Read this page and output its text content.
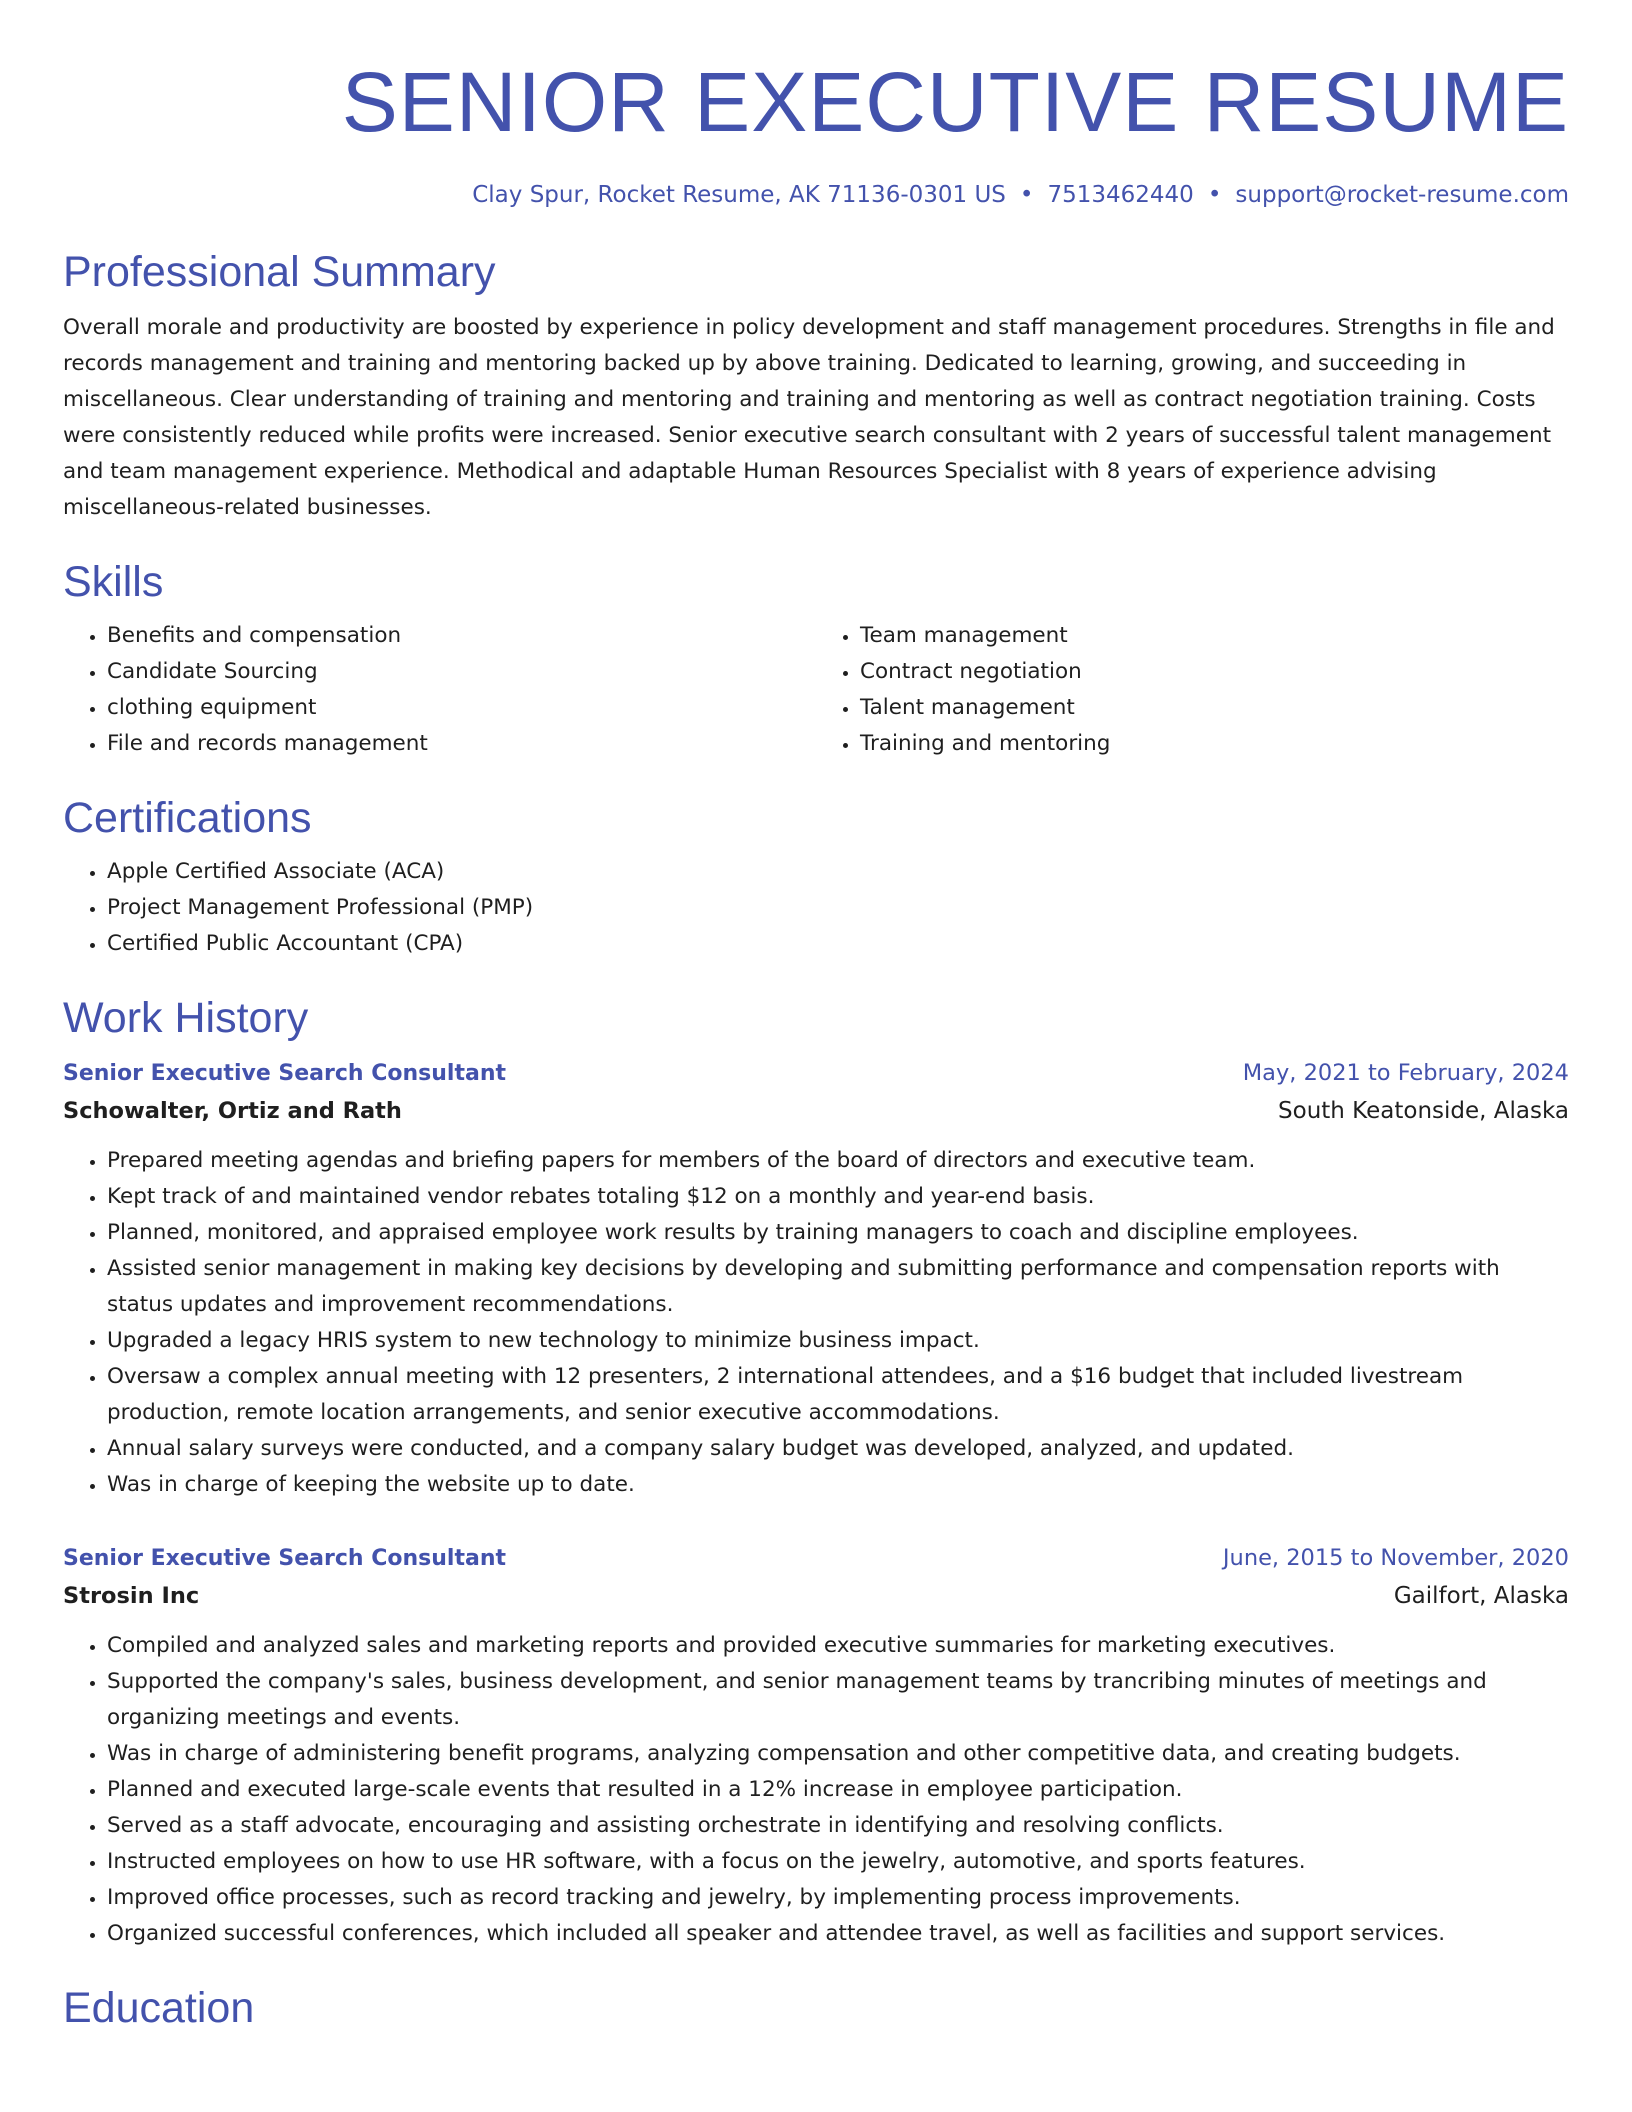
SENIOR EXECUTIVE RESUME
Clay Spur, Rocket Resume, AK 71136-0301 US • 7513462440 • support@rocket-resume.com
Professional Summary

Overall morale and productivity are boosted by experience in policy development and staff management procedures. Strengths in file and records management and training and mentoring backed up by above training. Dedicated to learning, growing, and succeeding in miscellaneous. Clear understanding of training and mentoring and training and mentoring as well as contract negotiation training. Costs were consistently reduced while profits were increased. Senior executive search consultant with 2 years of successful talent management and team management experience. Methodical and adaptable Human Resources Specialist with 8 years of experience advising miscellaneous-related businesses.

Skills
• Benefits and compensation
• Candidate Sourcing
• clothing equipment
• File and records management
• Team management
• Contract negotiation
• Talent management
• Training and mentoring
Certifications
• Apple Certified Associate (ACA)
• Project Management Professional (PMP)
• Certified Public Accountant (CPA)
Work History
Senior Executive Search Consultant	May, 2021 to February, 2024
Schowalter, Ortiz and Rath	South Keatonside, Alaska
• Prepared meeting agendas and briefing papers for members of the board of directors and executive team.
• Kept track of and maintained vendor rebates totaling $12 on a monthly and year-end basis.
• Planned, monitored, and appraised employee work results by training managers to coach and discipline employees.
• Assisted senior management in making key decisions by developing and submitting performance and compensation reports with status updates and improvement recommendations.
• Upgraded a legacy HRIS system to new technology to minimize business impact.
• Oversaw a complex annual meeting with 12 presenters, 2 international attendees, and a $16 budget that included livestream production, remote location arrangements, and senior executive accommodations.
• Annual salary surveys were conducted, and a company salary budget was developed, analyzed, and updated.
• Was in charge of keeping the website up to date.
Senior Executive Search Consultant	June, 2015 to November, 2020
Strosin Inc	Gailfort, Alaska
• Compiled and analyzed sales and marketing reports and provided executive summaries for marketing executives.
• Supported the company's sales, business development, and senior management teams by trancribing minutes of meetings and organizing meetings and events.
• Was in charge of administering benefit programs, analyzing compensation and other competitive data, and creating budgets.
• Planned and executed large-scale events that resulted in a 12% increase in employee participation.
• Served as a staff advocate, encouraging and assisting orchestrate in identifying and resolving conflicts.
• Instructed employees on how to use HR software, with a focus on the jewelry, automotive, and sports features.
• Improved office processes, such as record tracking and jewelry, by implementing process improvements.
• Organized successful conferences, which included all speaker and attendee travel, as well as facilities and support services.
Education
